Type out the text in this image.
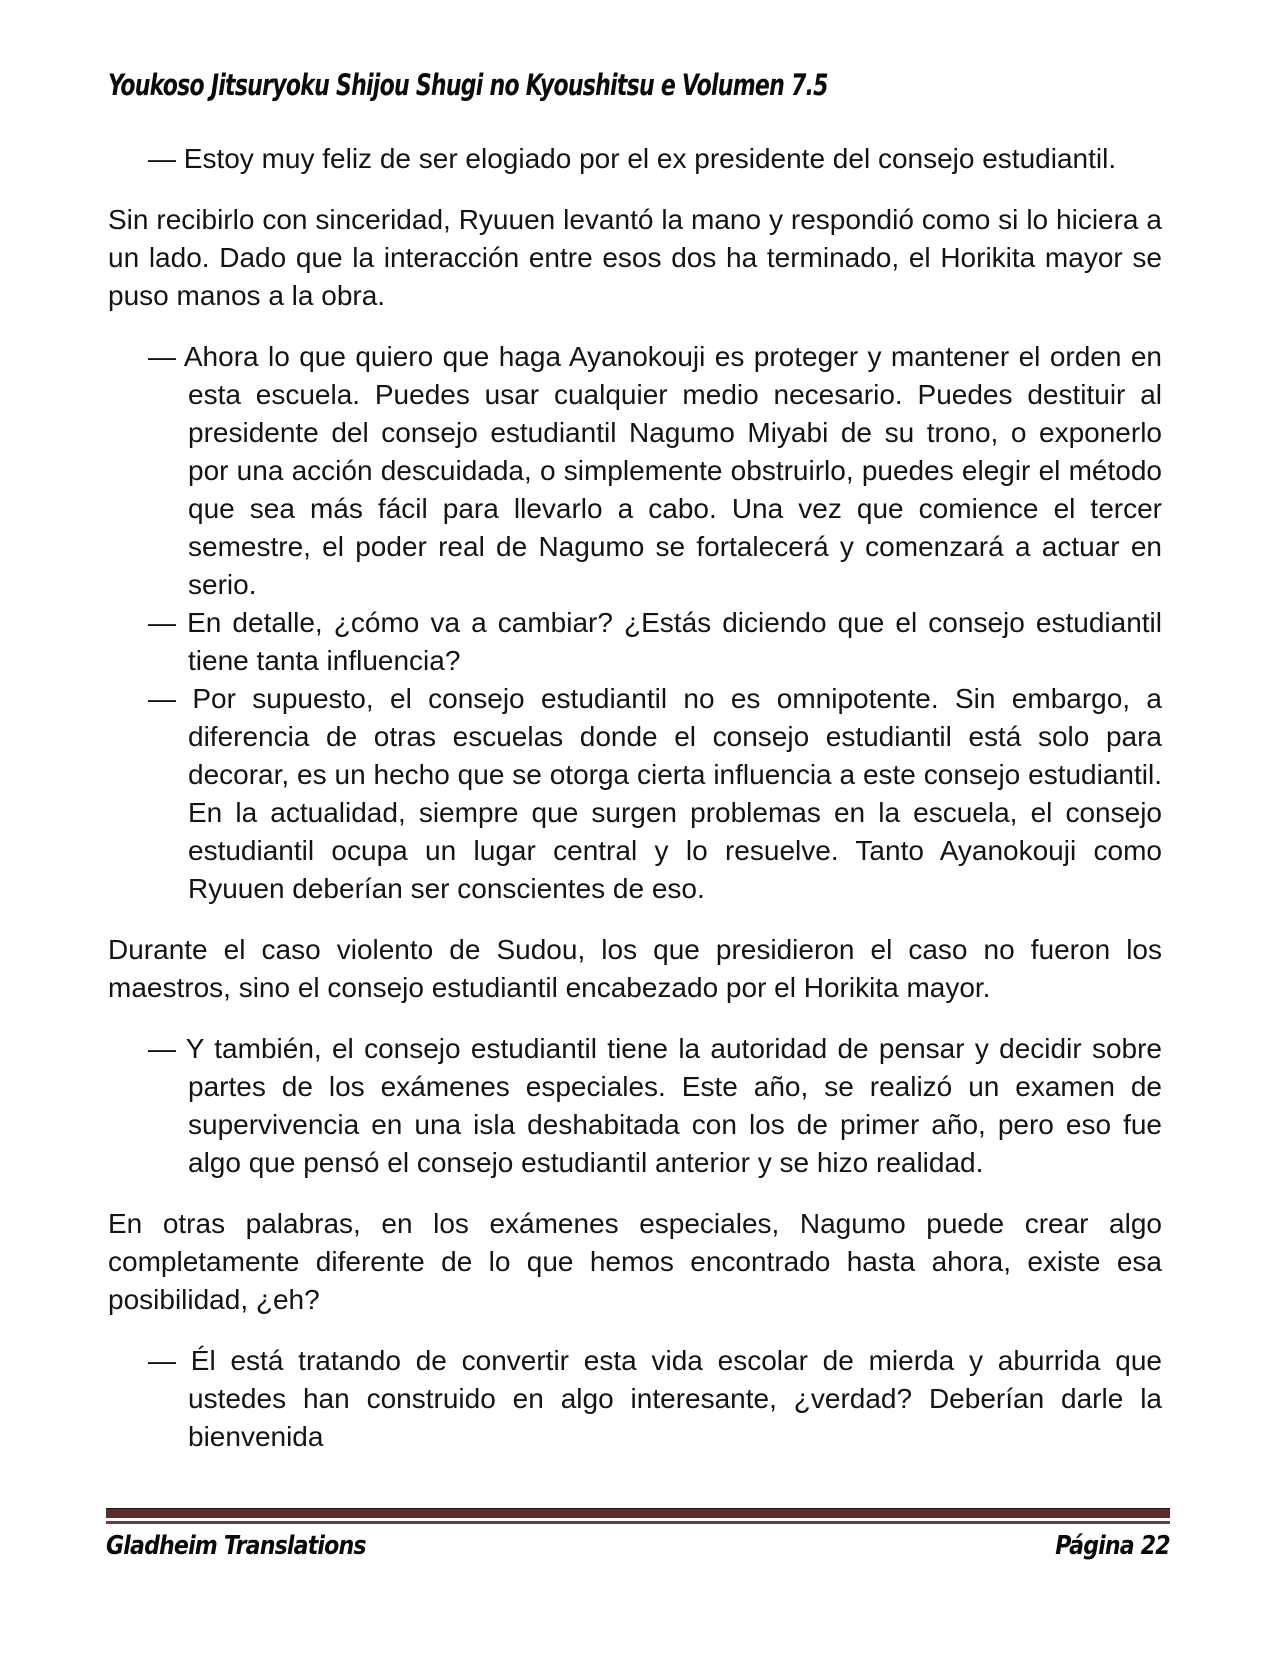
Youkoso Jitsuryoku Shijou Shugi no Kyoushitsu e Volumen 7.5

— Estoy muy feliz de ser elogiado por el ex presidente del consejo estudiantil.

Sin recibirlo con sinceridad, Ryuuen levantó la mano y respondió como si lo hiciera a un lado. Dado que la interacción entre esos dos ha terminado, el Horikita mayor se puso manos a la obra.

— Ahora lo que quiero que haga Ayanokouji es proteger y mantener el orden en esta escuela. Puedes usar cualquier medio necesario. Puedes destituir al presidente del consejo estudiantil Nagumo Miyabi de su trono, o exponerlo por una acción descuidada, o simplemente obstruirlo, puedes elegir el método que sea más fácil para llevarlo a cabo. Una vez que comience el tercer semestre, el poder real de Nagumo se fortalecerá y comenzará a actuar en serio.

— En detalle, ¿cómo va a cambiar? ¿Estás diciendo que el consejo estudiantil tiene tanta influencia?

— Por supuesto, el consejo estudiantil no es omnipotente. Sin embargo, a diferencia de otras escuelas donde el consejo estudiantil está solo para decorar, es un hecho que se otorga cierta influencia a este consejo estudiantil. En la actualidad, siempre que surgen problemas en la escuela, el consejo estudiantil ocupa un lugar central y lo resuelve. Tanto Ayanokouji como Ryuuen deberían ser conscientes de eso.

Durante el caso violento de Sudou, los que presidieron el caso no fueron los maestros, sino el consejo estudiantil encabezado por el Horikita mayor.

— Y también, el consejo estudiantil tiene la autoridad de pensar y decidir sobre partes de los exámenes especiales. Este año, se realizó un examen de supervivencia en una isla deshabitada con los de primer año, pero eso fue algo que pensó el consejo estudiantil anterior y se hizo realidad.

En otras palabras, en los exámenes especiales, Nagumo puede crear algo completamente diferente de lo que hemos encontrado hasta ahora, existe esa posibilidad, ¿eh?

— Él está tratando de convertir esta vida escolar de mierda y aburrida que ustedes han construido en algo interesante, ¿verdad? Deberían darle la bienvenida

Gladheim Translations	Página 22
